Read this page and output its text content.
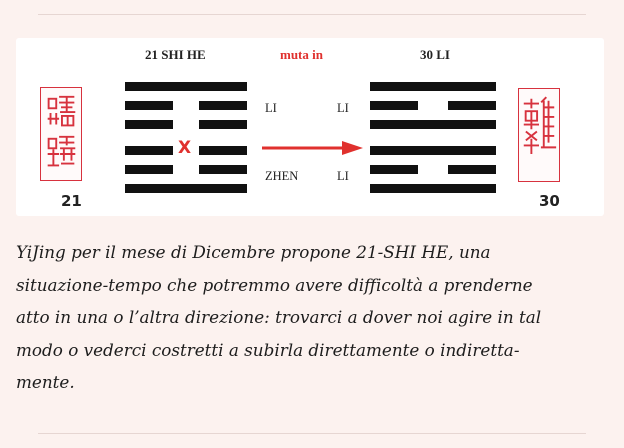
21
21 SHI HE	muta in	30 LI
X
LI
ZHEN
LI
LI
30
YiJing per il mese di Dicembre propone 21-SHI HE, una
situazione-tempo che potremmo avere difficoltà a prenderne
atto in una o l’altra direzione: trovarci a dover noi agire in tal
modo o vederci costretti a subirla direttamente o indiretta-
mente.
